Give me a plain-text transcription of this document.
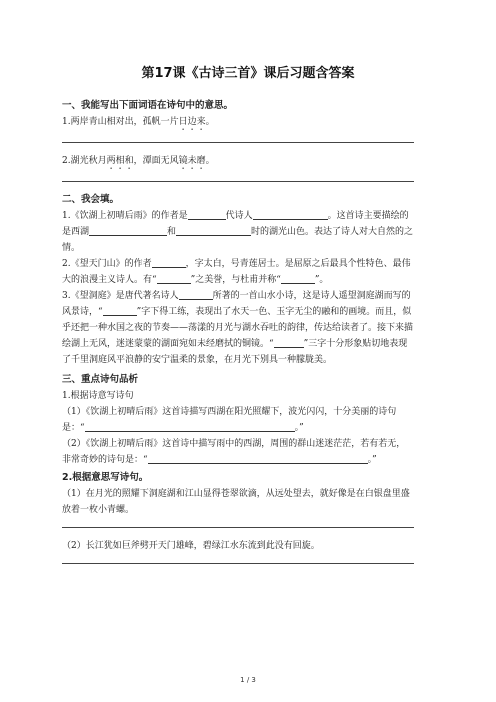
第17课《古诗三首》课后习题含答案
一、我能写出下面词语在诗句中的意思。

1.两岸青山相对出，孤帆一片日边来。

2.湖光秋月两相和，潭面无风镜未磨。

二、我会填。

1.《饮湖上初晴后雨》的作者是	代诗人	。这首诗主要描绘的是西湖	和	时的湖光山色。表达了诗人对大自然的之情。

2.《望天门山》的作者	，字太白，号青莲居士。是屈原之后最具个性特色、最伟大的浪漫主义诗人。有“	”之美誉，与杜甫并称“	”。

3.《望洞庭》是唐代著名诗人	所著的一首山水小诗，这是诗人遥望洞庭湖而写的风景诗，“	”字下得工练，表现出了水天一色、玉字无尘的融和的画境。而且，似乎还把一种水国之夜的节奏——荡漾的月光与湖水吞吐的韵律，传达给读者了。接下来描绘湖上无风，迷迷蒙蒙的湖面宛如未经磨拭的铜镜。“	”三字十分形象贴切地表现了千里洞庭风平浪静的安宁温柔的景象，在月光下别具一种朦胧美。

三、重点诗句品析

1.根据诗意写诗句

（1）《饮湖上初晴后雨》这首诗描写西湖在阳光照耀下，波光闪闪，十分美丽的诗句是：“	。”

（2）《饮湖上初晴后雨》这首诗中描写雨中的西湖，周围的群山迷迷茫茫，若有若无，非常奇妙的诗句是：“	。”

2.根据意思写诗句。

（1）在月光的照耀下洞庭湖和江山显得苍翠欲滴，从远处望去，就好像是在白银盘里盛放着一枚小青螺。

（2）长江犹如巨斧劈开天门雄峰，碧绿江水东流到此没有回旋。

1 / 3
